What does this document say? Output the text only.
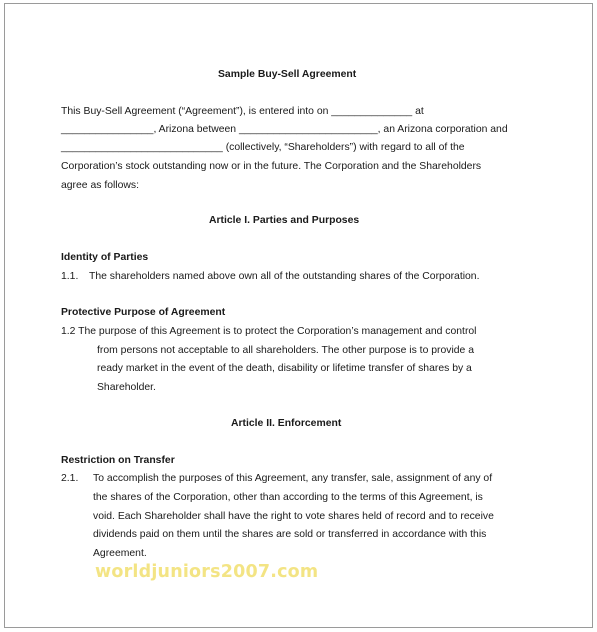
Sample Buy-Sell Agreement
This Buy-Sell Agreement (“Agreement”), is entered into on ______________ at
________________, Arizona between ________________________, an Arizona corporation and
____________________________ (collectively, “Shareholders”) with regard to all of the
Corporation’s stock outstanding now or in the future. The Corporation and the Shareholders
agree as follows:
Article I. Parties and Purposes
Identity of Parties
1.1. The shareholders named above own all of the outstanding shares of the Corporation.
Protective Purpose of Agreement
1.2 The purpose of this Agreement is to protect the Corporation’s management and control
from persons not acceptable to all shareholders. The other purpose is to provide a
ready market in the event of the death, disability or lifetime transfer of shares by a
Shareholder.
Article II. Enforcement
Restriction on Transfer
2.1. To accomplish the purposes of this Agreement, any transfer, sale, assignment of any of
the shares of the Corporation, other than according to the terms of this Agreement, is
void. Each Shareholder shall have the right to vote shares held of record and to receive
dividends paid on them until the shares are sold or transferred in accordance with this
Agreement.
worldjuniors2007.com
